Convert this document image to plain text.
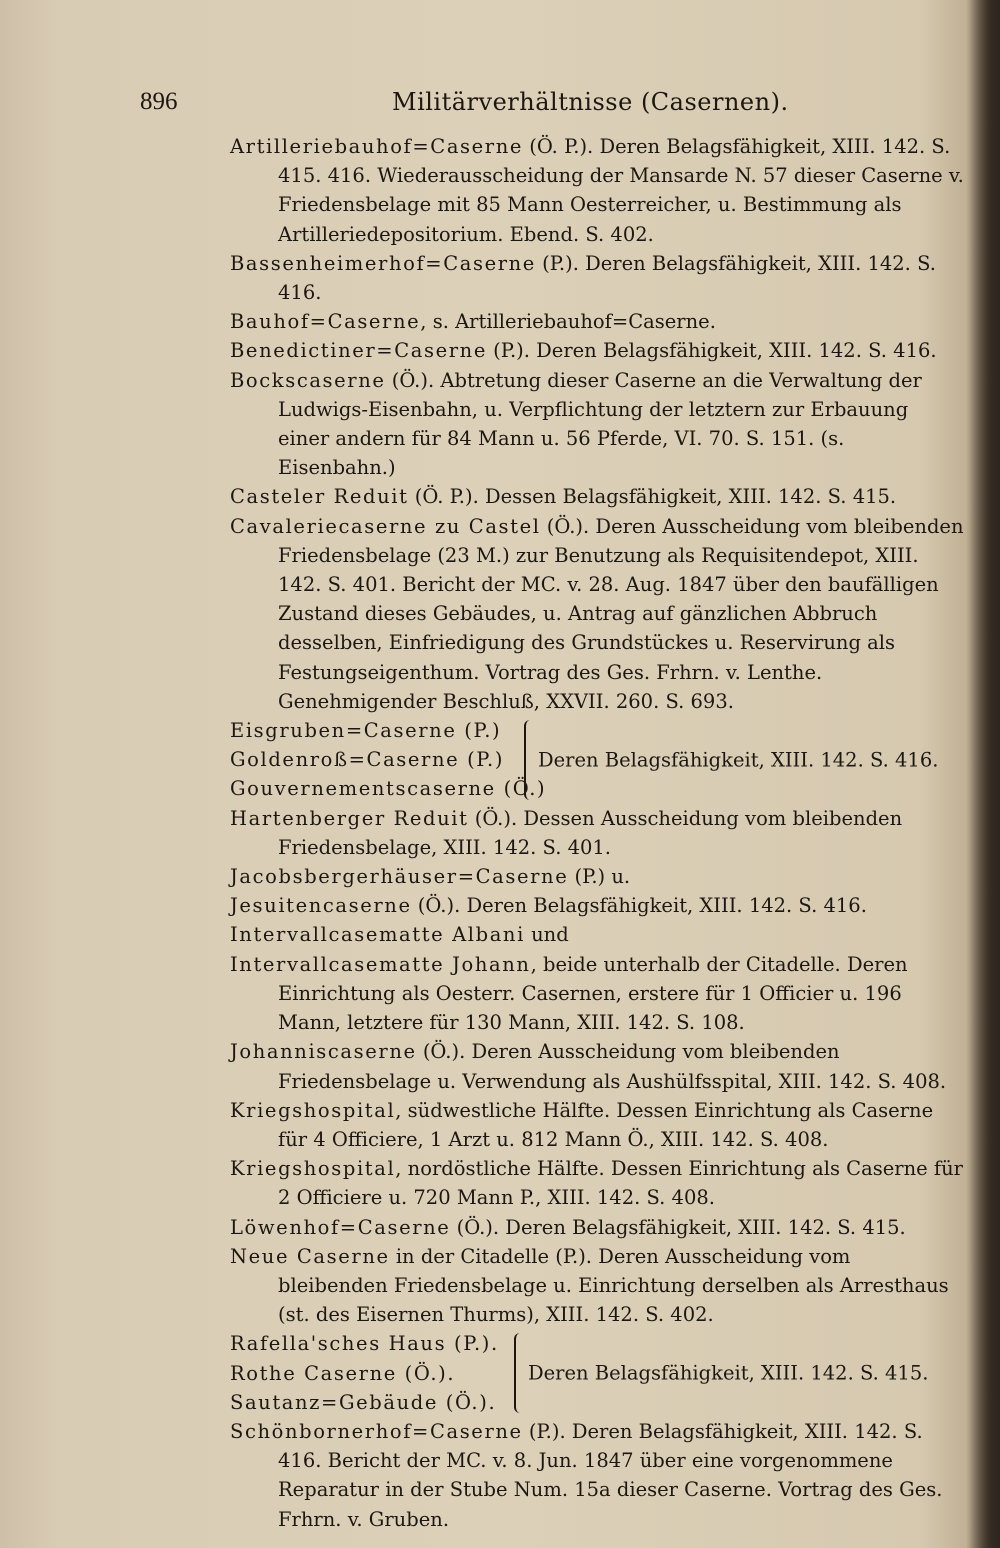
896	Militärverhältnisse (Casernen).
Artilleriebauhof=Caserne (Ö. P.). Deren Belagsfähigkeit, XIII. 142. S. 415. 416. Wiederausscheidung der Mansarde N. 57 dieser Caserne v. Friedensbelage mit 85 Mann Oesterreicher, u. Bestimmung als Artilleriedepositorium. Ebend. S. 402.
Bassenheimerhof=Caserne (P.). Deren Belagsfähigkeit, XIII. 142. S. 416.
Bauhof=Caserne, s. Artilleriebauhof=Caserne.
Benedictiner=Caserne (P.). Deren Belagsfähigkeit, XIII. 142. S. 416.
Bockscaserne (Ö.). Abtretung dieser Caserne an die Verwaltung der Ludwigs-Eisenbahn, u. Verpflichtung der letztern zur Erbauung einer andern für 84 Mann u. 56 Pferde, VI. 70. S. 151. (s. Eisenbahn.)
Casteler Reduit (Ö. P.). Dessen Belagsfähigkeit, XIII. 142. S. 415.
Cavaleriecaserne zu Castel (Ö.). Deren Ausscheidung vom bleibenden Friedensbelage (23 M.) zur Benutzung als Requisitendepot, XIII. 142. S. 401. Bericht der MC. v. 28. Aug. 1847 über den baufälligen Zustand dieses Gebäudes, u. Antrag auf gänzlichen Abbruch desselben, Einfriedigung des Grundstückes u. Reservirung als Festungseigenthum. Vortrag des Ges. Frhrn. v. Lenthe. Genehmigender Beschluß, XXVII. 260. S. 693.
Eisgruben=Caserne (P.)
Goldenroß=Caserne (P.)
Gouvernementscaserne (Ö.)
Deren Belagsfähigkeit, XIII. 142. S. 416.
Hartenberger Reduit (Ö.). Dessen Ausscheidung vom bleibenden Friedensbelage, XIII. 142. S. 401.
Jacobsbergerhäuser=Caserne (P.) u.
Jesuitencaserne (Ö.). Deren Belagsfähigkeit, XIII. 142. S. 416.
Intervallcasematte Albani und
Intervallcasematte Johann, beide unterhalb der Citadelle. Deren Einrichtung als Oesterr. Casernen, erstere für 1 Officier u. 196 Mann, letztere für 130 Mann, XIII. 142. S. 108.
Johanniscaserne (Ö.). Deren Ausscheidung vom bleibenden Friedensbelage u. Verwendung als Aushülfsspital, XIII. 142. S. 408.
Kriegshospital, südwestliche Hälfte. Dessen Einrichtung als Caserne für 4 Officiere, 1 Arzt u. 812 Mann Ö., XIII. 142. S. 408.
Kriegshospital, nordöstliche Hälfte. Dessen Einrichtung als Caserne für 2 Officiere u. 720 Mann P., XIII. 142. S. 408.
Löwenhof=Caserne (Ö.). Deren Belagsfähigkeit, XIII. 142. S. 415.
Neue Caserne in der Citadelle (P.). Deren Ausscheidung vom bleibenden Friedensbelage u. Einrichtung derselben als Arresthaus (st. des Eisernen Thurms), XIII. 142. S. 402.
Rafella'sches Haus (P.).
Rothe Caserne (Ö.).
Sautanz=Gebäude (Ö.).
Deren Belagsfähigkeit, XIII. 142. S. 415.
Schönbornerhof=Caserne (P.). Deren Belagsfähigkeit, XIII. 142. S. 416. Bericht der MC. v. 8. Jun. 1847 über eine vorgenommene Reparatur in der Stube Num. 15a dieser Caserne. Vortrag des Ges. Frhrn. v. Gruben.
